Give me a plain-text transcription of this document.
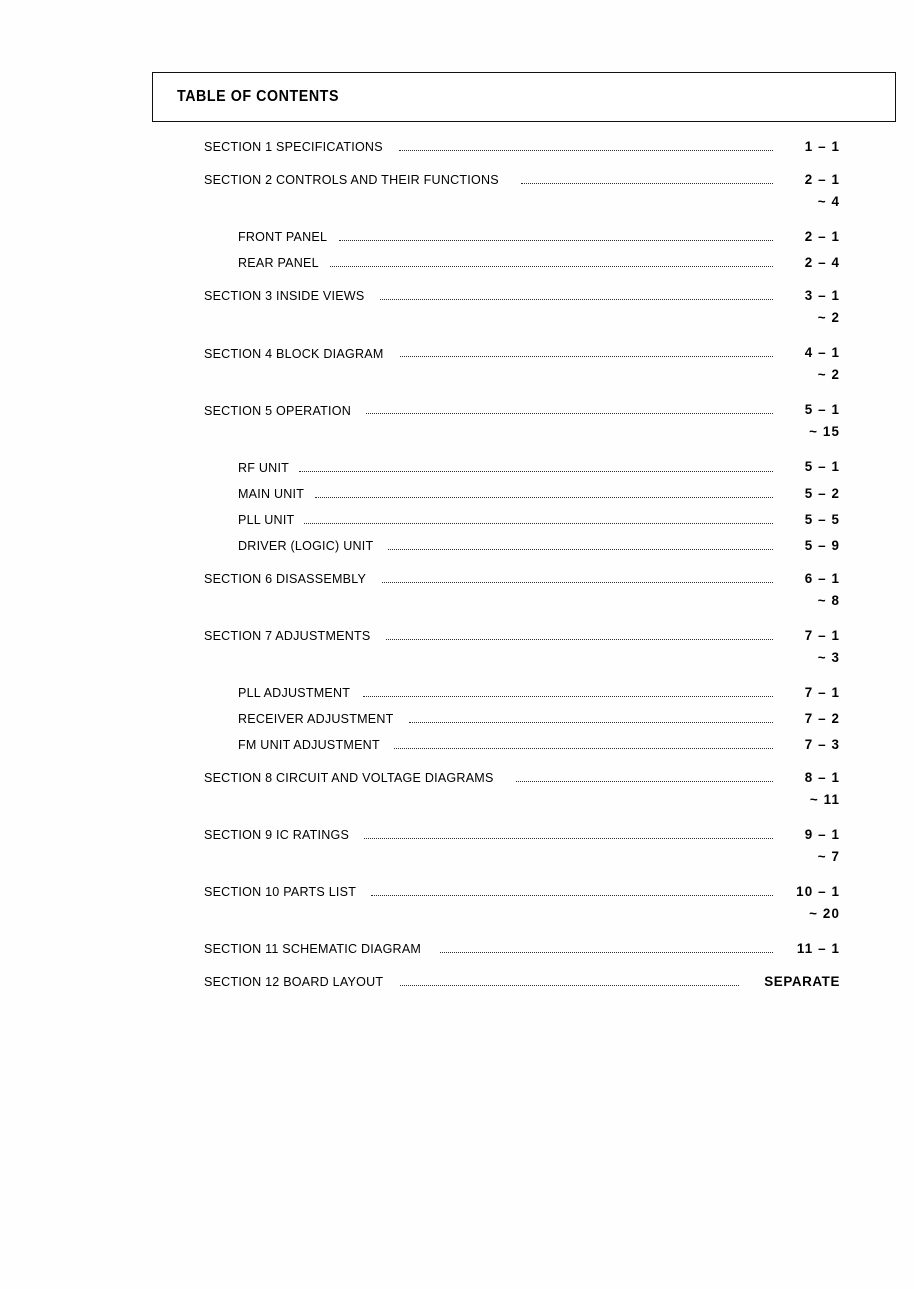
TABLE OF CONTENTS
SECTION 1 SPECIFICATIONS	1 – 1
SECTION 2 CONTROLS AND THEIR FUNCTIONS	2 – 1
~ 4
FRONT PANEL	2 – 1
REAR PANEL	2 – 4
SECTION 3 INSIDE VIEWS	3 – 1
~ 2
SECTION 4 BLOCK DIAGRAM	4 – 1
~ 2
SECTION 5 OPERATION	5 – 1
~ 15
RF UNIT	5 – 1
MAIN UNIT	5 – 2
PLL UNIT	5 – 5
DRIVER (LOGIC) UNIT	5 – 9
SECTION 6 DISASSEMBLY	6 – 1
~ 8
SECTION 7 ADJUSTMENTS	7 – 1
~ 3
PLL ADJUSTMENT	7 – 1
RECEIVER ADJUSTMENT	7 – 2
FM UNIT ADJUSTMENT	7 – 3
SECTION 8 CIRCUIT AND VOLTAGE DIAGRAMS	8 – 1
~ 11
SECTION 9 IC RATINGS	9 – 1
~ 7
SECTION 10 PARTS LIST	10 – 1
~ 20
SECTION 11 SCHEMATIC DIAGRAM	11 – 1
SECTION 12 BOARD LAYOUT	SEPARATE
